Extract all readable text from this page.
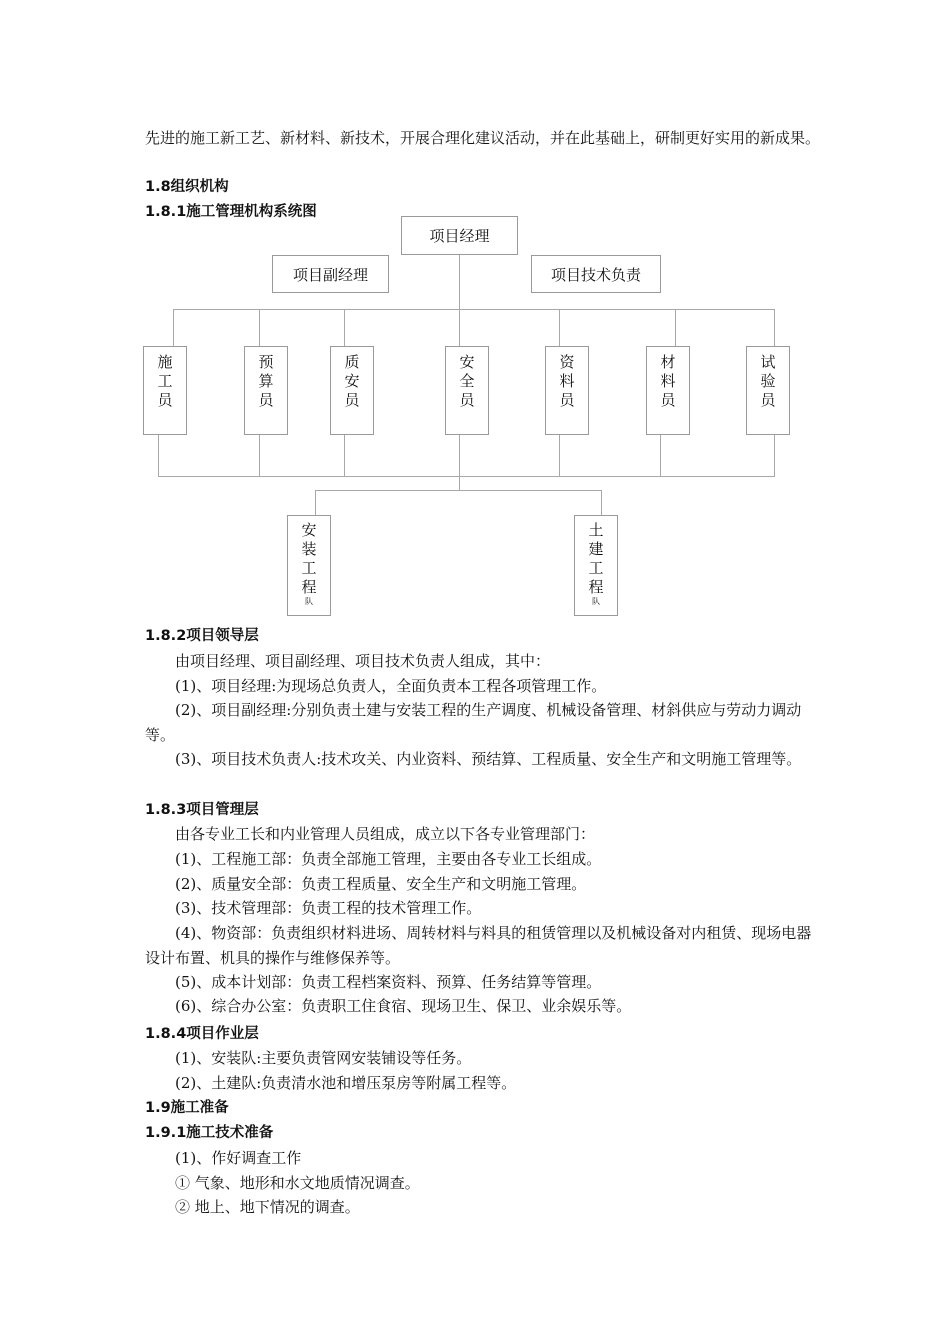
先进的施工新工艺、新材料、新技术，开展合理化建议活动，并在此基础上，研制更好实用的新成果。

1.8组织机构

1.8.1施工管理机构系统图

项目经理
项目副经理	项目技术负责
施
工
员
预
算
员
质
安
员
安
全
员
资
料
员
材
料
员
试
验
员
安
装
工
程
队
土
建
工
程
队

1.8.2项目领导层

由项目经理、项目副经理、项目技术负责人组成，其中：

(1)、项目经理:为现场总负责人，全面负责本工程各项管理工作。

(2)、项目副经理:分别负责土建与安装工程的生产调度、机械设备管理、材斜供应与劳动力调动等。

(3)、项目技术负责人:技术攻关、内业资料、预结算、工程质量、安全生产和文明施工管理等。

1.8.3项目管理层

由各专业工长和内业管理人员组成，成立以下各专业管理部门：

(1)、工程施工部：负责全部施工管理，主要由各专业工长组成。

(2)、质量安全部：负责工程质量、安全生产和文明施工管理。

(3)、技术管理部：负责工程的技术管理工作。

(4)、物资部：负责组织材料进场、周转材料与料具的租赁管理以及机械设备对内租赁、现场电器设计布置、机具的操作与维修保养等。

(5)、成本计划部：负责工程档案资料、预算、任务结算等管理。

(6)、综合办公室：负责职工住食宿、现场卫生、保卫、业余娱乐等。

1.8.4项目作业层

(1)、安装队:主要负责管网安装铺设等任务。

(2)、土建队:负责清水池和增压泵房等附属工程等。

1.9施工准备

1.9.1施工技术准备

(1)、作好调查工作

① 气象、地形和水文地质情况调查。

② 地上、地下情况的调查。
